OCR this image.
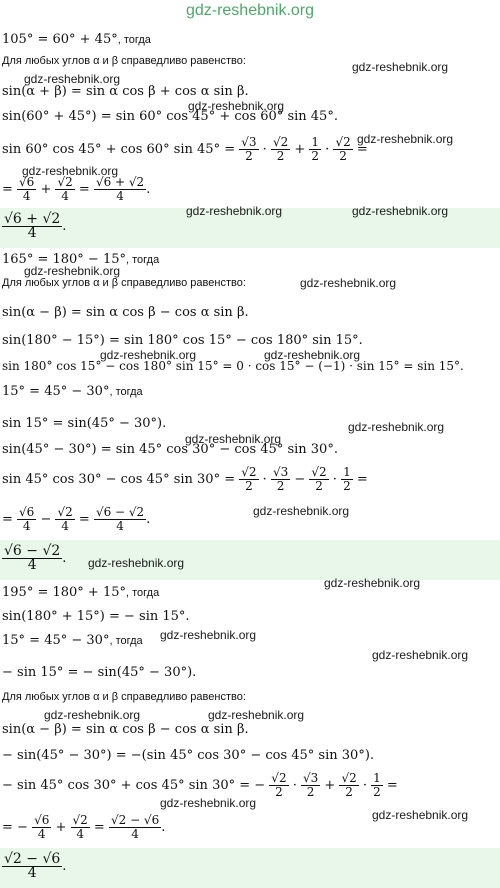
gdz-reshebnik.org
105° = 60° + 45°, тогда
Для любых углов α и β справедливо равенство:
sin(α + β) = sin α cos β + cos α sin β.
sin(60° + 45°) = sin 60° cos 45° + cos 60° sin 45°.
sin 60° cos 45° + cos 60° $\sin 45^\circ = \frac{√3}{2} \cdot \frac{√2}{2} + \frac{1}{2} \cdot \frac{√2}{2}$ =
= $\frac{√6}{4} + \frac{√2}{4} = \frac{√6 + √2}{4}$ .
$\frac{√6 + √2}{4}$ .
165° = 180° − 15°, тогда
Для любых углов α и β справедливо равенство:
sin(α − β) = sin α cos β − cos α sin β.
sin(180° − 15°) = sin 180° cos 15° − cos 180° sin 15°.
sin 180° cos 15° − cos 180° sin 15° = 0 · cos 15° − (−1) · sin 15° = sin 15°.
15° = 45° − 30°, тогда
sin 15° = sin(45° − 30°).
sin(45° − 30°) = sin 45° cos 30° − cos 45° sin 30°.
sin 45° cos 30° − cos 45° $\sin 30^\circ = \frac{√2}{2} \cdot \frac{√3}{2} - \frac{√2}{2} \cdot \frac{1}{2}$ =
= $\frac{√6}{4} - \frac{√2}{4} = \frac{√6 - √2}{4}$ .
$\frac{√6 - √2}{4}$ .
195° = 180° + 15°, тогда
sin(180° + 15°) = − sin 15°.
15° = 45° − 30°, тогда
− sin 15° = − sin(45° − 30°).
Для любых углов α и β справедливо равенство:
sin(α − β) = sin α cos β − cos α sin β.
− sin(45° − 30°) = −(sin 45° cos 30° − cos 45° sin 30°).
− sin 45° cos 30° + cos 45° sin 30° = − $\frac{√2}{2} \cdot \frac{√3}{2} + \frac{√2}{2} \cdot \frac{1}{2}$ =
= − $\frac{√6}{4} + \frac{√2}{4} = \frac{√2 - √6}{4}$ .
$\frac{√2 - √6}{4}$ .
gdz-reshebnik.org
gdz-reshebnik.org
gdz-reshebnik.org
gdz-reshebnik.org
gdz-reshebnik.org
gdz-reshebnik.org	gdz-reshebnik.org
gdz-reshebnik.org
gdz-reshebnik.org
gdz-reshebnik.org	gdz-reshebnik.org
gdz-reshebnik.org
gdz-reshebnik.org
gdz-reshebnik.org
gdz-reshebnik.org
gdz-reshebnik.org
gdz-reshebnik.org
gdz-reshebnik.org
gdz-reshebnik.org	gdz-reshebnik.org
gdz-reshebnik.org
gdz-reshebnik.org
